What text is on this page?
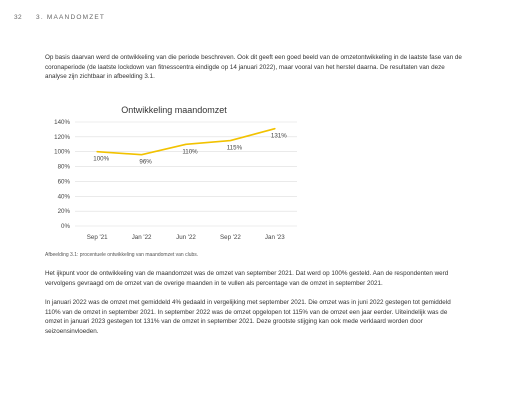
32 3. MAANDOMZET

Op basis daarvan werd de ontwikkeling van die periode beschreven. Ook dit geeft een goed beeld van de omzetontwikkeling in de laatste fase van de coronaperiode (de laatste lockdown van fitnesscentra eindigde op 14 januari 2022), maar vooral van het herstel daarna. De resultaten van deze analyse zijn zichtbaar in afbeelding 3.1.

Ontwikkeling maandomzet
0%
20%
40%
60%
80%
100%
120%
140%
Sep '21	Jan '22	Jun '22	Sep '22	Jan '23
100%	96%
110%
115%
131%
Afbeelding 3.1: procentuele ontwikkeling van maandomzet van clubs.

Het ijkpunt voor de ontwikkeling van de maandomzet was de omzet van september 2021. Dat werd op 100% gesteld. Aan de respondenten werd vervolgens gevraagd om de omzet van de overige maanden in te vullen als percentage van de omzet in september 2021.

In januari 2022 was de omzet met gemiddeld 4% gedaald in vergelijking met september 2021. Die omzet was in juni 2022 gestegen tot gemiddeld 110% van de omzet in september 2021. In september 2022 was de omzet opgelopen tot 115% van de omzet een jaar eerder. Uiteindelijk was de omzet in januari 2023 gestegen tot 131% van de omzet in september 2021. Deze grootste stijging kan ook mede verklaard worden door seizoensinvloeden.
